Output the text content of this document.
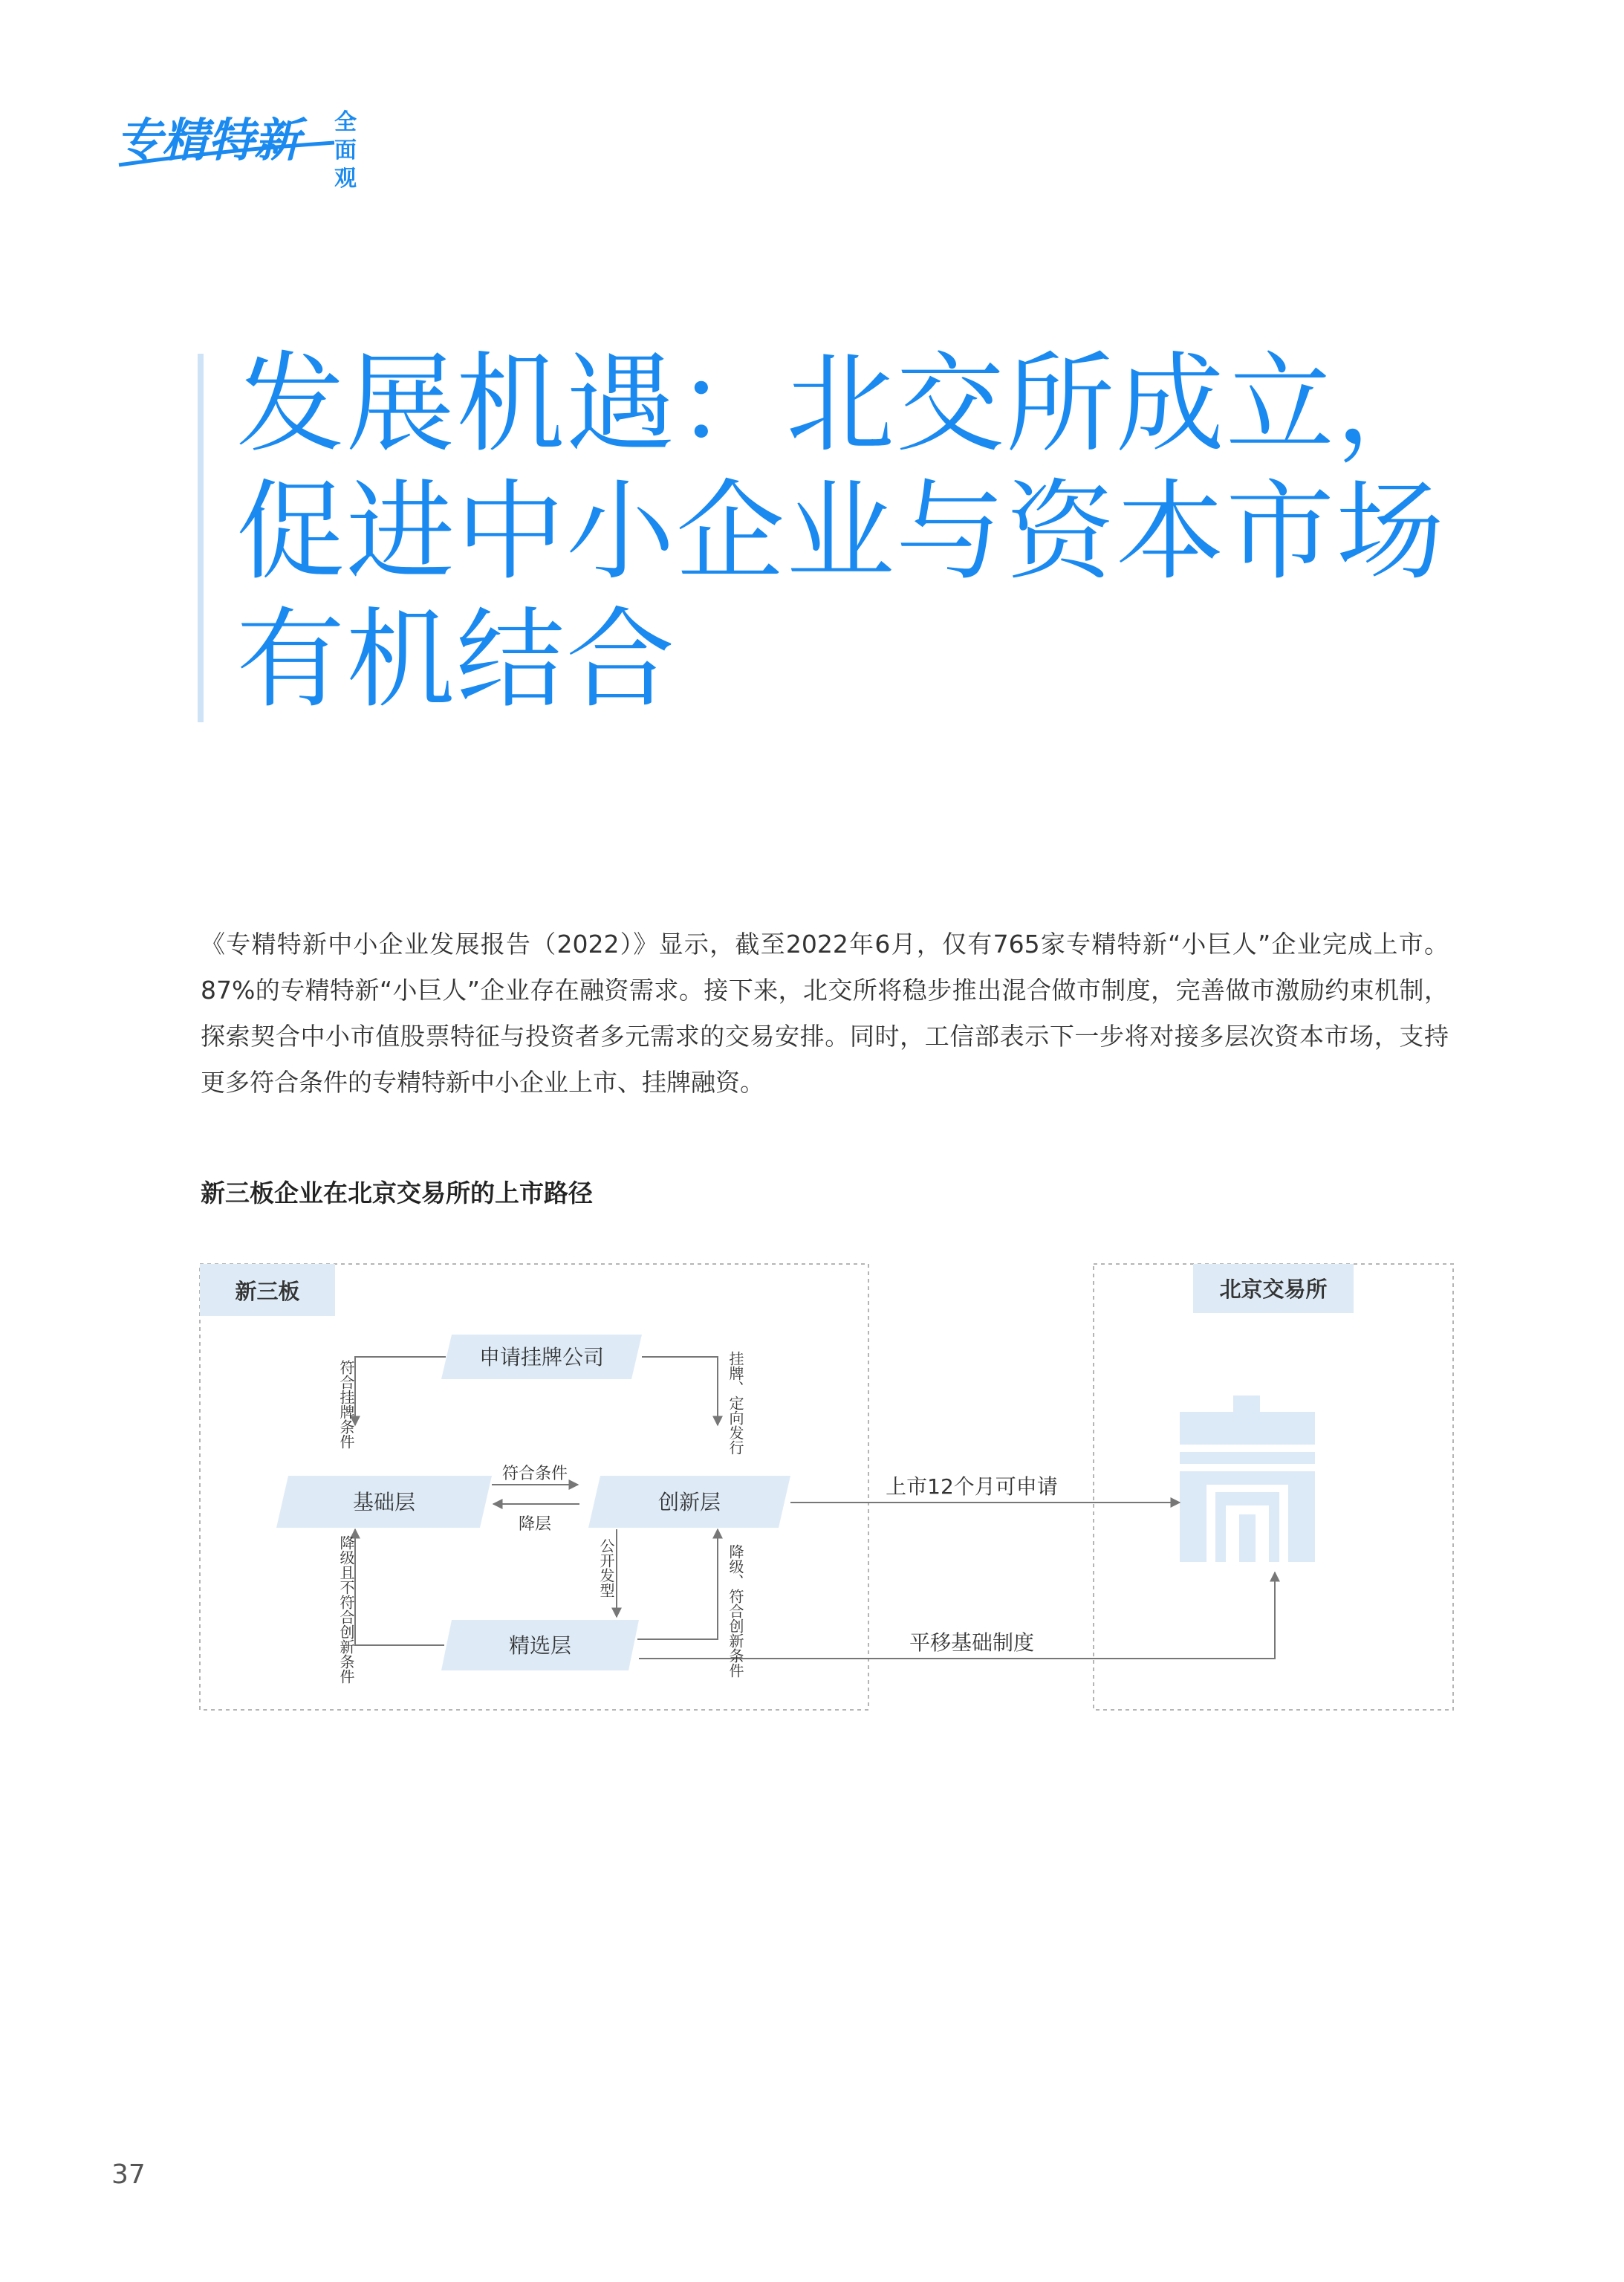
专精特新	全
面
观
发展机遇：北交所成立，
促进中小企业与资本市场
有机结合
《专精特新中小企业发展报告（2022）》显示，截至2022年6月，仅有765家专精特新“小巨人”企业完成上市。87%的专精特新“小巨人”企业存在融资需求。接下来，北交所将稳步推出混合做市制度，完善做市激励约束机制，探索契合中小市值股票特征与投资者多元需求的交易安排。同时，工信部表示下一步将对接多层次资本市场，支持更多符合条件的专精特新中小企业上市、挂牌融资。
新三板企业在北京交易所的上市路径
新三板	北京交易所
申请挂牌公司
基础层	创新层
精选层
符合条件
降层
上市12个月可申请
平移基础制度
符合挂牌条件	挂牌、定向发行
公开发型	降级、符合创新条件
降级且不符合创新条件
37
